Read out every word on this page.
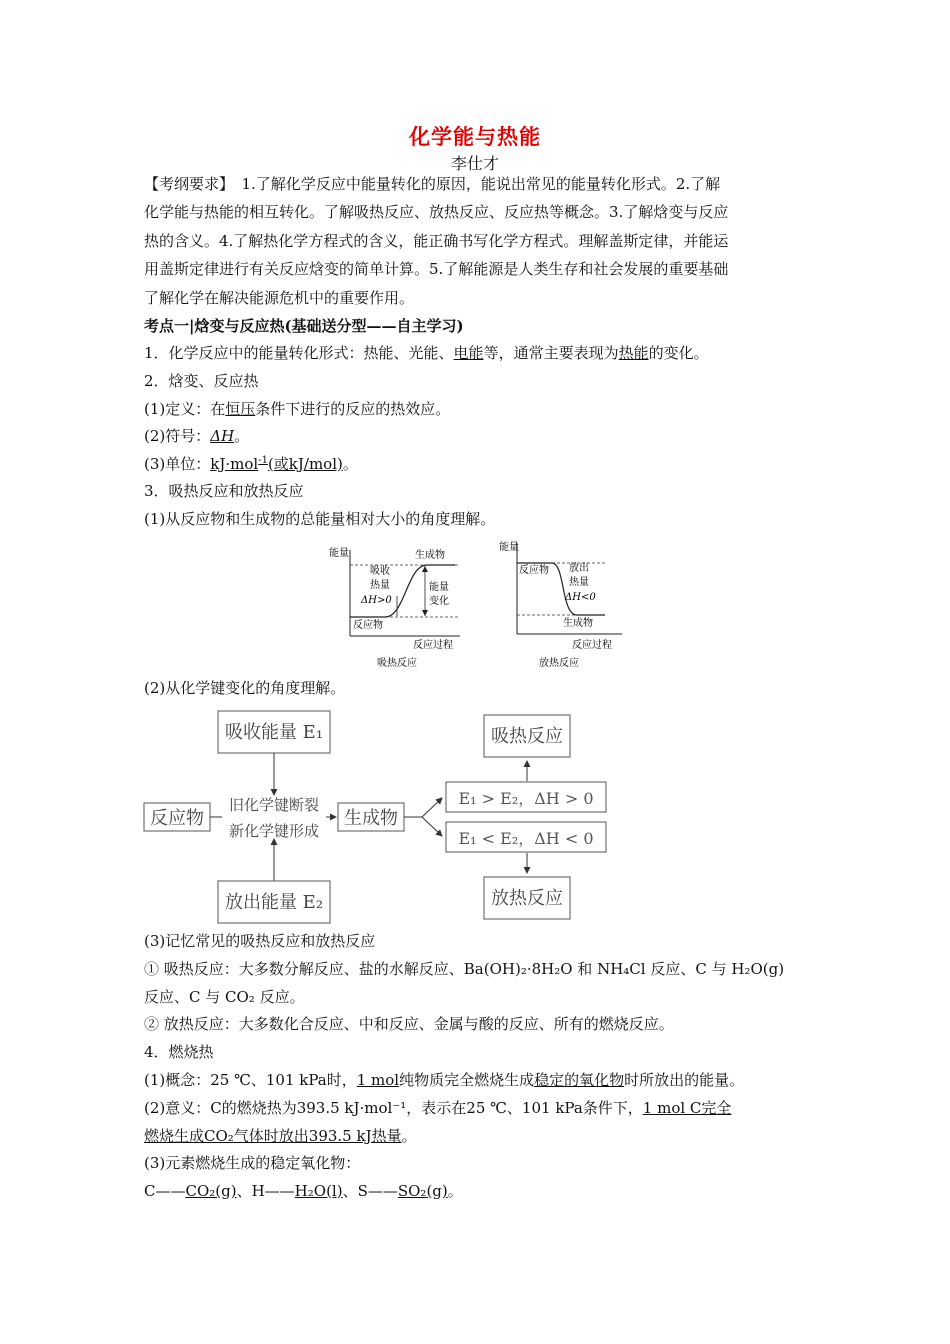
化学能与热能
李仕才
【考纲要求】　1.了解化学反应中能量转化的原因，能说出常见的能量转化形式。2.了解
化学能与热能的相互转化。了解吸热反应、放热反应、反应热等概念。3.了解焓变与反应
热的含义。4.了解热化学方程式的含义，能正确书写化学方程式。理解盖斯定律，并能运
用盖斯定律进行有关反应焓变的简单计算。5.了解能源是人类生存和社会发展的重要基础
了解化学在解决能源危机中的重要作用。
考点一|焓变与反应热(基础送分型——自主学习)
1．化学反应中的能量转化形式：热能、光能、电能等，通常主要表现为热能的变化。
2．焓变、反应热
(1)定义：在恒压条件下进行的反应的热效应。
(2)符号：ΔH。
(3)单位：kJ·mol$^{-1}$(或kJ/mol)。
3．吸热反应和放热反应
(1)从反应物和生成物的总能量相对大小的角度理解。
能量	生成物
吸收
热量
ΔH>0
能量
变化
反应物
反应过程
吸热反应
能量
反应物 放出
热量
ΔH<0
生成物
反应过程
放热反应
(2)从化学键变化的角度理解。
吸收能量 E₁
反应物
旧化学键断裂
新化学键形成
生成物
E₁ > E₂，ΔH > 0
E₁ < E₂，ΔH < 0
吸热反应
放热反应
放出能量 E₂
(3)记忆常见的吸热反应和放热反应
① 吸热反应：大多数分解反应、盐的水解反应、Ba(OH)₂·8H₂O 和 NH₄Cl 反应、C 与 H₂O(g)
反应、C 与 CO₂ 反应。
② 放热反应：大多数化合反应、中和反应、金属与酸的反应、所有的燃烧反应。
4．燃烧热
(1)概念：25 ℃、101 kPa时，1 mol纯物质完全燃烧生成稳定的氧化物时所放出的能量。
(2)意义：C的燃烧热为393.5 kJ·mol⁻¹，表示在25 ℃、101 kPa条件下，1 mol C完全
燃烧生成CO₂气体时放出393.5 kJ热量。
(3)元素燃烧生成的稳定氧化物：
C——CO₂(g)、H——H₂O(l)、S——SO₂(g)。
